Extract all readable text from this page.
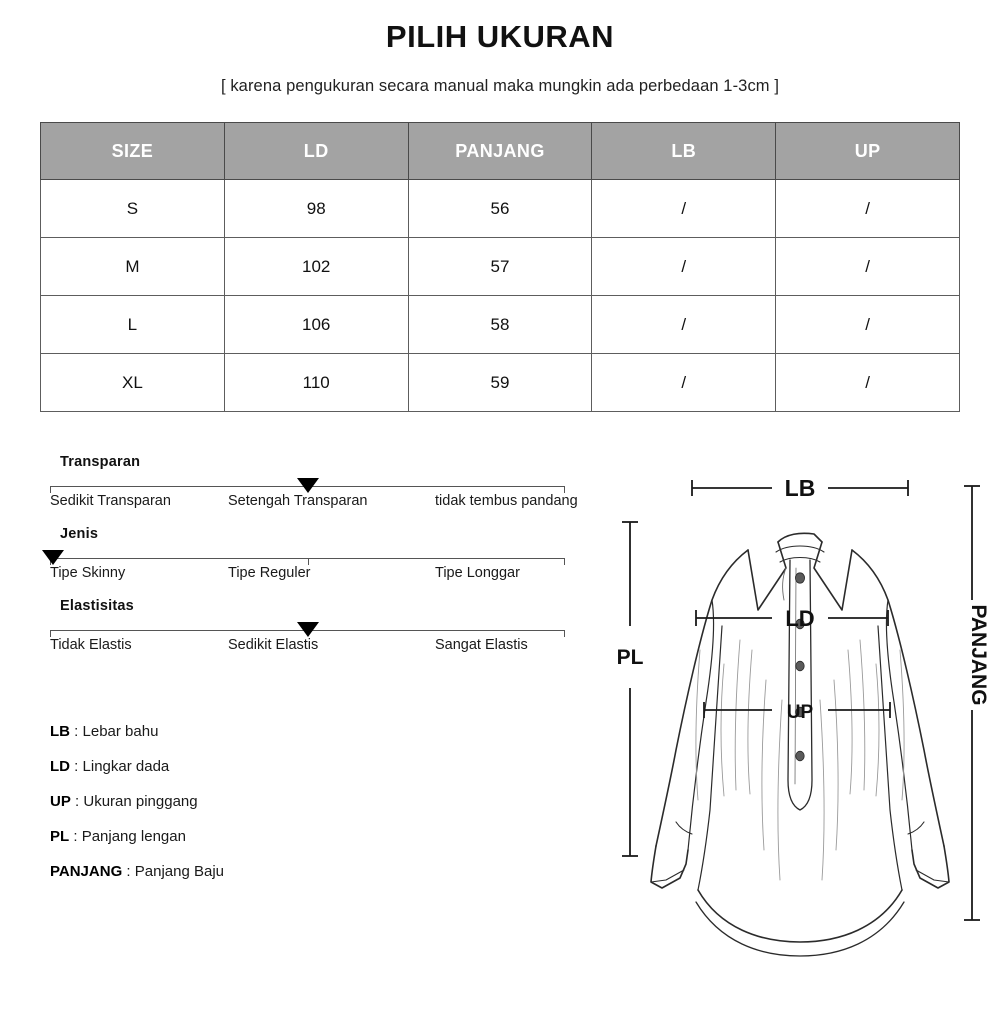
PILIH UKURAN
[ karena pengukuran secara manual maka mungkin ada perbedaan 1-3cm ]
SIZE	LD	PANJANG	LB	UP
S	98	56	/	/
M	102	57	/	/
L	106	58	/	/
XL	110	59	/	/
Transparan
Sedikit Transparan	Setengah Transparan	tidak tembus pandang
Jenis
Tipe Skinny	Tipe Reguler	Tipe Longgar
Elastisitas
Tidak Elastis	Sedikit Elastis	Sangat Elastis
LB : Lebar bahu
LD : Lingkar dada
UP : Ukuran pinggang
PL : Panjang lengan
PANJANG : Panjang Baju
LB
LD
UP
PL	PANJANG
